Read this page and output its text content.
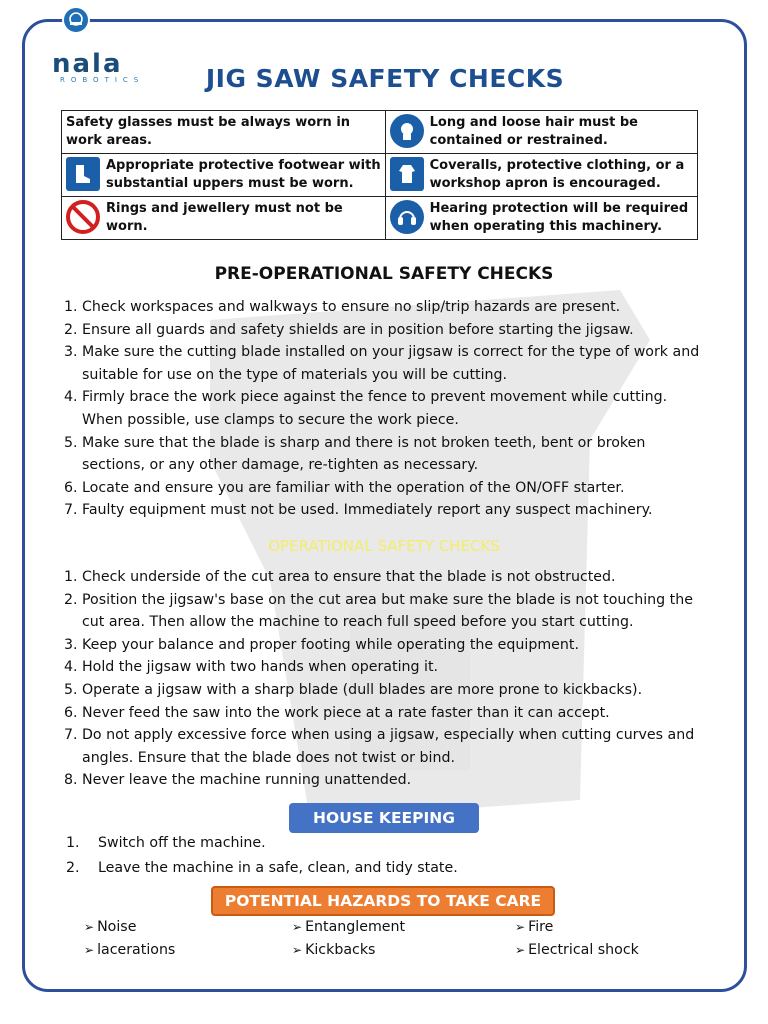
nala
ROBOTICS	JIG SAW SAFETY CHECKS
Safety glasses must be always worn in work areas.	Long and loose hair must be contained or restrained.

Appropriate protective footwear with substantial uppers must be worn.	Coveralls, protective clothing, or a workshop apron is encouraged.

Rings and jewellery must not be worn.	Hearing protection will be required when operating this machinery.
PRE-OPERATIONAL SAFETY CHECKS
1. Check workspaces and walkways to ensure no slip/trip hazards are present.
2. Ensure all guards and safety shields are in position before starting the jigsaw.
3. Make sure the cutting blade installed on your jigsaw is correct for the type of work and suitable for use on the type of materials you will be cutting.
4. Firmly brace the work piece against the fence to prevent movement while cutting. When possible, use clamps to secure the work piece.
5. Make sure that the blade is sharp and there is not broken teeth, bent or broken sections, or any other damage, re-tighten as necessary.
6. Locate and ensure you are familiar with the operation of the ON/OFF starter.
7. Faulty equipment must not be used. Immediately report any suspect machinery.
OPERATIONAL SAFETY CHECKS
1. Check underside of the cut area to ensure that the blade is not obstructed.
2. Position the jigsaw's base on the cut area but make sure the blade is not touching the cut area. Then allow the machine to reach full speed before you start cutting.
3. Keep your balance and proper footing while operating the equipment.
4. Hold the jigsaw with two hands when operating it.
5. Operate a jigsaw with a sharp blade (dull blades are more prone to kickbacks).
6. Never feed the saw into the work piece at a rate faster than it can accept.
7. Do not apply excessive force when using a jigsaw, especially when cutting curves and angles. Ensure that the blade does not twist or bind.
8. Never leave the machine running unattended.
HOUSE KEEPING
1.	Switch off the machine.
2.	Leave the machine in a safe, clean, and tidy state.
POTENTIAL HAZARDS TO TAKE CARE
➢ Noise	➢ Entanglement	➢ Fire
➢ lacerations	➢ Kickbacks	➢ Electrical shock
